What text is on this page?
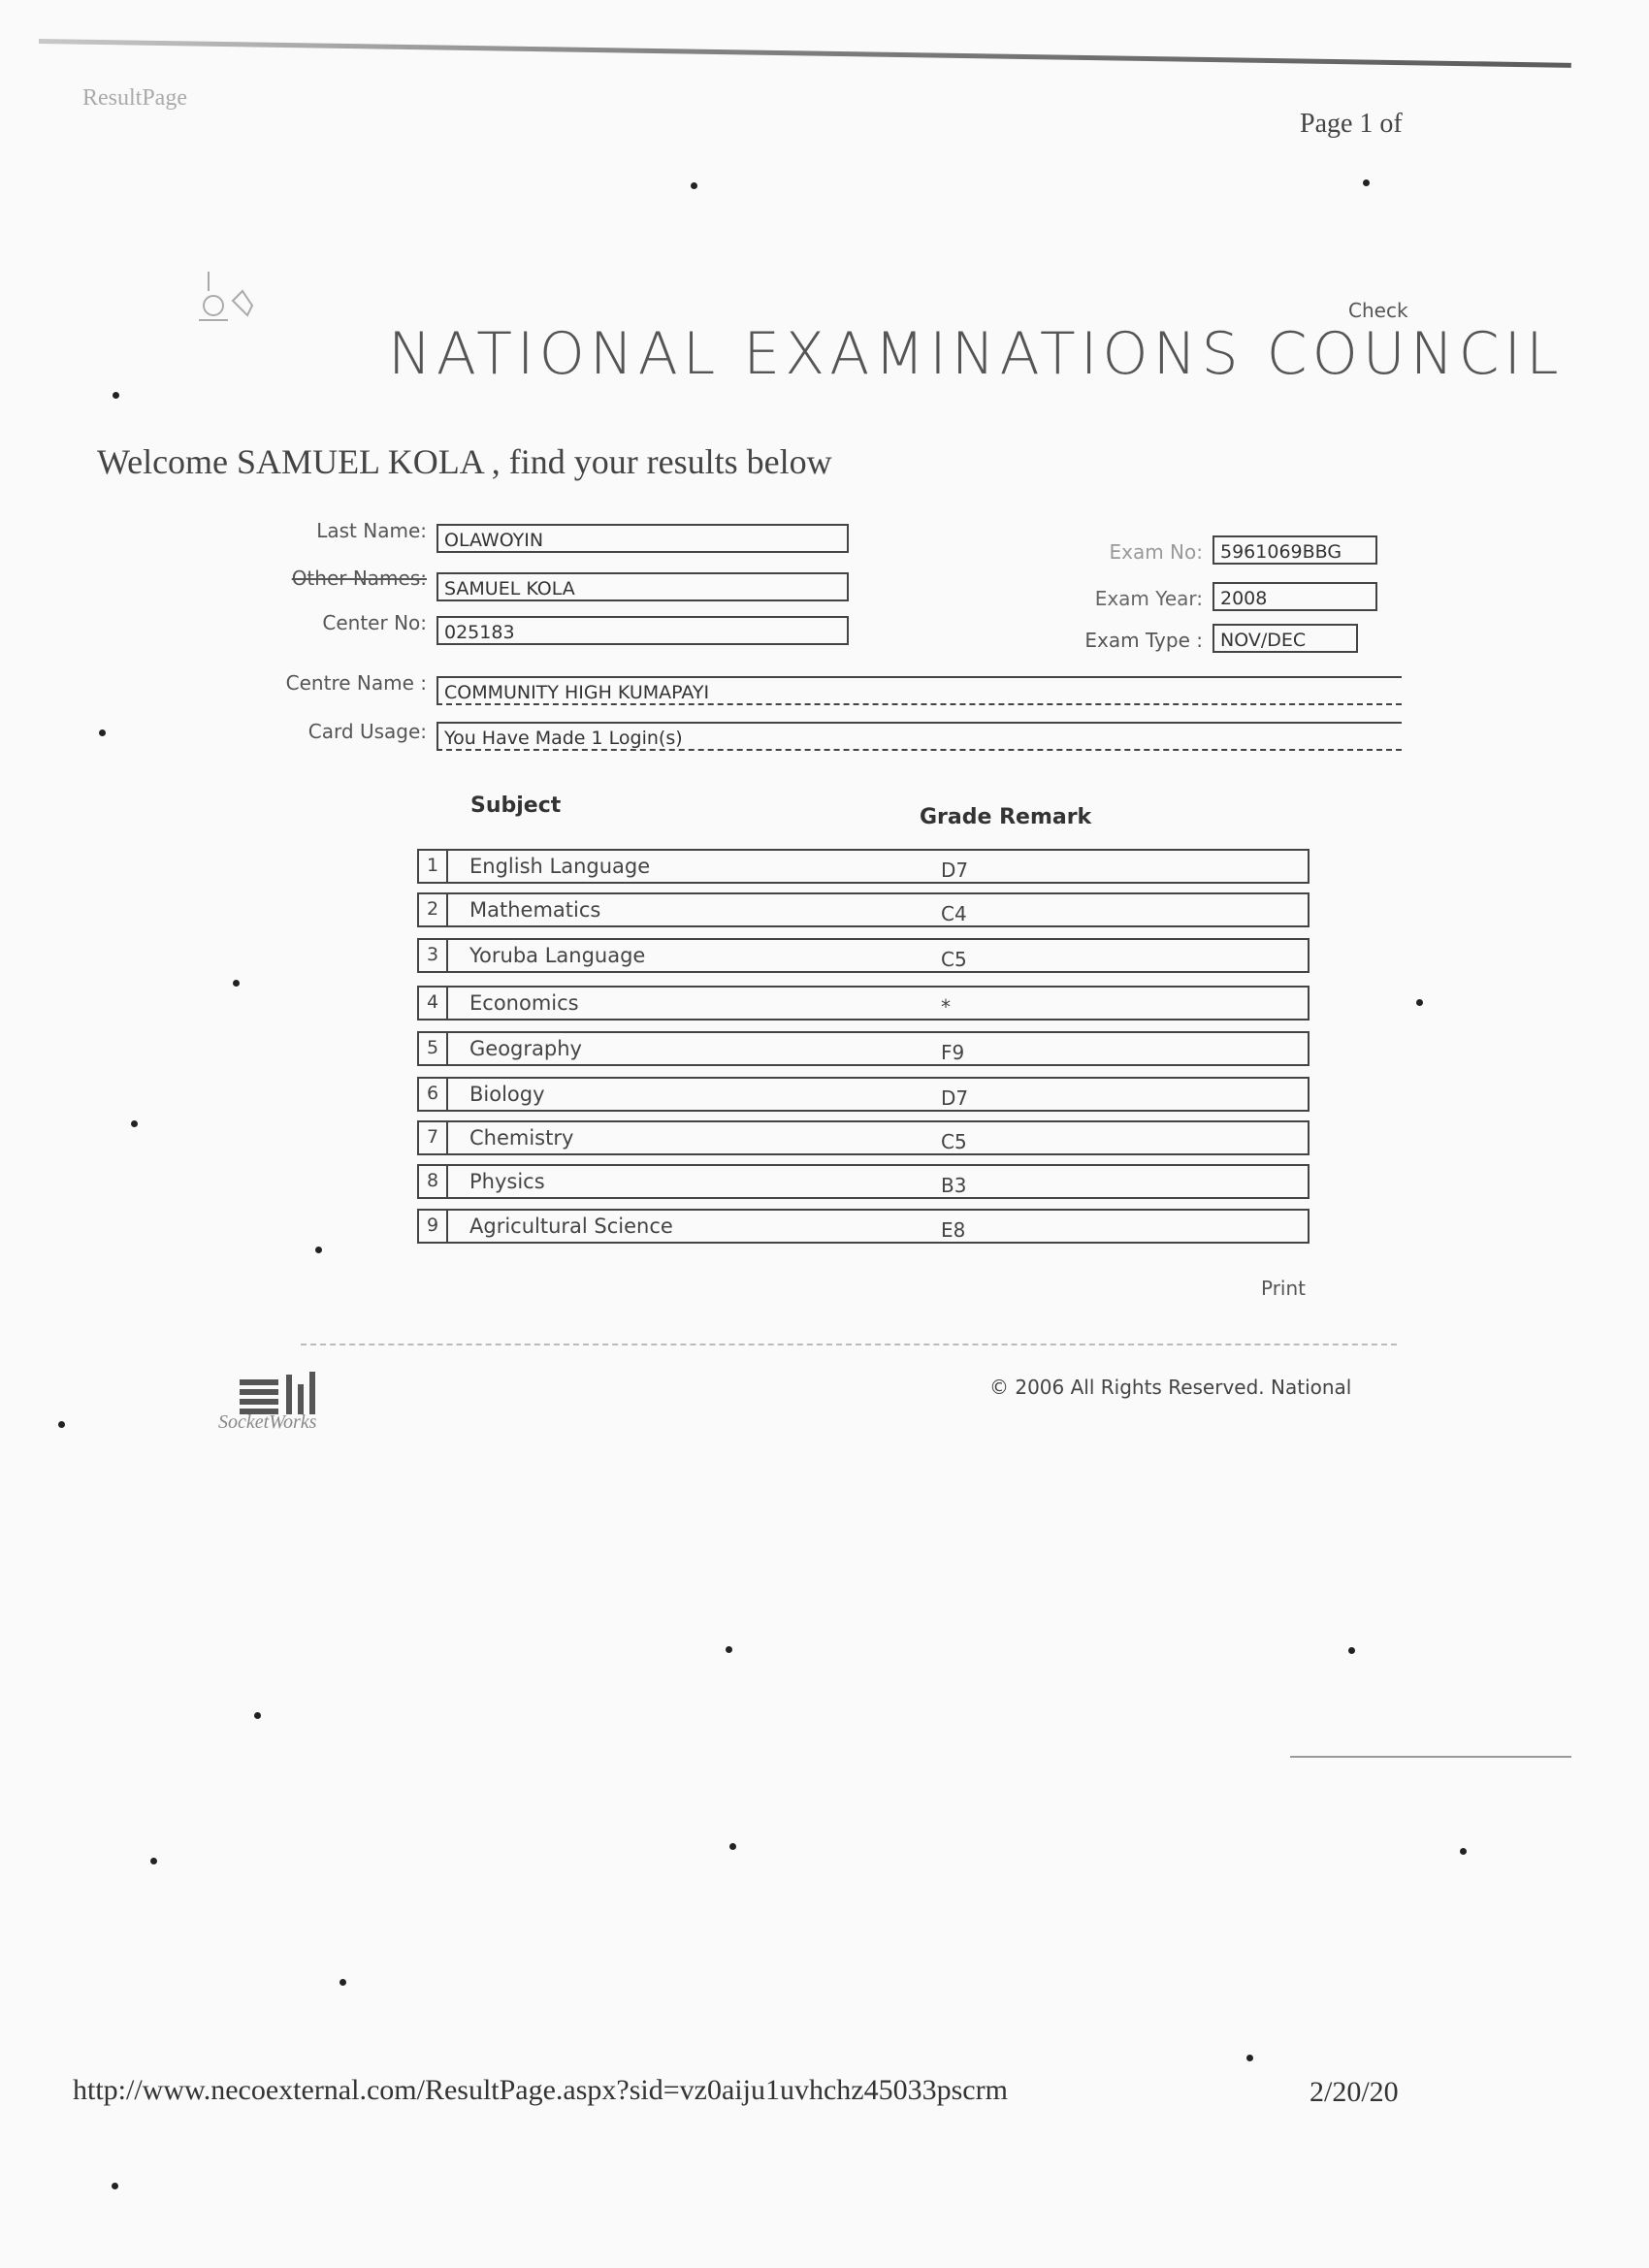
ResultPage
Page 1 of
Check
NATIONAL EXAMINATIONS COUNCIL
Welcome SAMUEL KOLA , find your results below
Last Name: OLAWOYIN
Other Names: SAMUEL KOLA
Center No: 025183
Centre Name : COMMUNITY HIGH KUMAPAYI
Card Usage: You Have Made 1 Login(s)
Exam No: 5961069BBG
Exam Year: 2008
Exam Type : NOV/DEC
Subject	Grade Remark
1 English Language	D7
2 Mathematics	C4
3 Yoruba Language	C5
4 Economics	*
5 Geography	F9
6 Biology	D7
7 Chemistry	C5
8 Physics	B3
9 Agricultural Science	E8
Print
SocketWorks
© 2006 All Rights Reserved. National
http://www.necoexternal.com/ResultPage.aspx?sid=vz0aiju1uvhchz45033pscrm	2/20/20
